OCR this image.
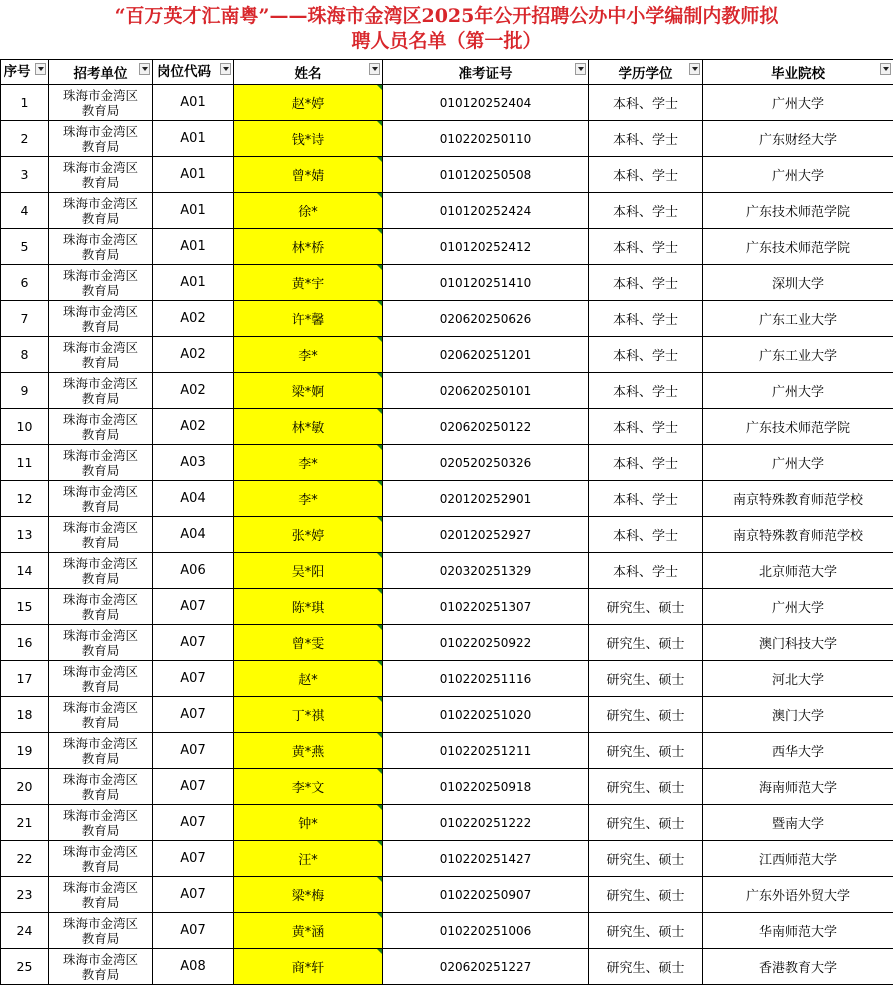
“百万英才汇南粤”——珠海市金湾区2025年公开招聘公办中小学编制内教师拟
聘人员名单（第一批）
序号	招考单位	岗位代码	姓名	准考证号	学历学位	毕业院校

1	珠海市金湾区
教育局	A01	赵*婷	010120252404	本科、学士	广州大学
2	珠海市金湾区
教育局	A01	钱*诗	010220250110	本科、学士	广东财经大学
3	珠海市金湾区
教育局	A01	曾*婧	010120250508	本科、学士	广州大学
4	珠海市金湾区
教育局	A01	徐*	010120252424	本科、学士	广东技术师范学院
5	珠海市金湾区
教育局	A01	林*桥	010120252412	本科、学士	广东技术师范学院
6	珠海市金湾区
教育局	A01	黄*宇	010120251410	本科、学士	深圳大学
7	珠海市金湾区
教育局	A02	许*馨	020620250626	本科、学士	广东工业大学
8	珠海市金湾区
教育局	A02	李*	020620251201	本科、学士	广东工业大学
9	珠海市金湾区
教育局	A02	梁*婀	020620250101	本科、学士	广州大学
10	珠海市金湾区
教育局	A02	林*敏	020620250122	本科、学士	广东技术师范学院
11	珠海市金湾区
教育局	A03	李*	020520250326	本科、学士	广州大学
12	珠海市金湾区
教育局	A04	李*	020120252901	本科、学士	南京特殊教育师范学校
13	珠海市金湾区
教育局	A04	张*婷	020120252927	本科、学士	南京特殊教育师范学校
14	珠海市金湾区
教育局	A06	吴*阳	020320251329	本科、学士	北京师范大学
15	珠海市金湾区
教育局	A07	陈*琪	010220251307	研究生、硕士	广州大学
16	珠海市金湾区
教育局	A07	曾*雯	010220250922	研究生、硕士	澳门科技大学
17	珠海市金湾区
教育局	A07	赵*	010220251116	研究生、硕士	河北大学
18	珠海市金湾区
教育局	A07	丁*祺	010220251020	研究生、硕士	澳门大学
19	珠海市金湾区
教育局	A07	黄*燕	010220251211	研究生、硕士	西华大学
20	珠海市金湾区
教育局	A07	李*文	010220250918	研究生、硕士	海南师范大学
21	珠海市金湾区
教育局	A07	钟*	010220251222	研究生、硕士	暨南大学
22	珠海市金湾区
教育局	A07	汪*	010220251427	研究生、硕士	江西师范大学
23	珠海市金湾区
教育局	A07	梁*梅	010220250907	研究生、硕士	广东外语外贸大学
24	珠海市金湾区
教育局	A07	黄*涵	010220251006	研究生、硕士	华南师范大学
25	珠海市金湾区
教育局	A08	商*轩	020620251227	研究生、硕士	香港教育大学
